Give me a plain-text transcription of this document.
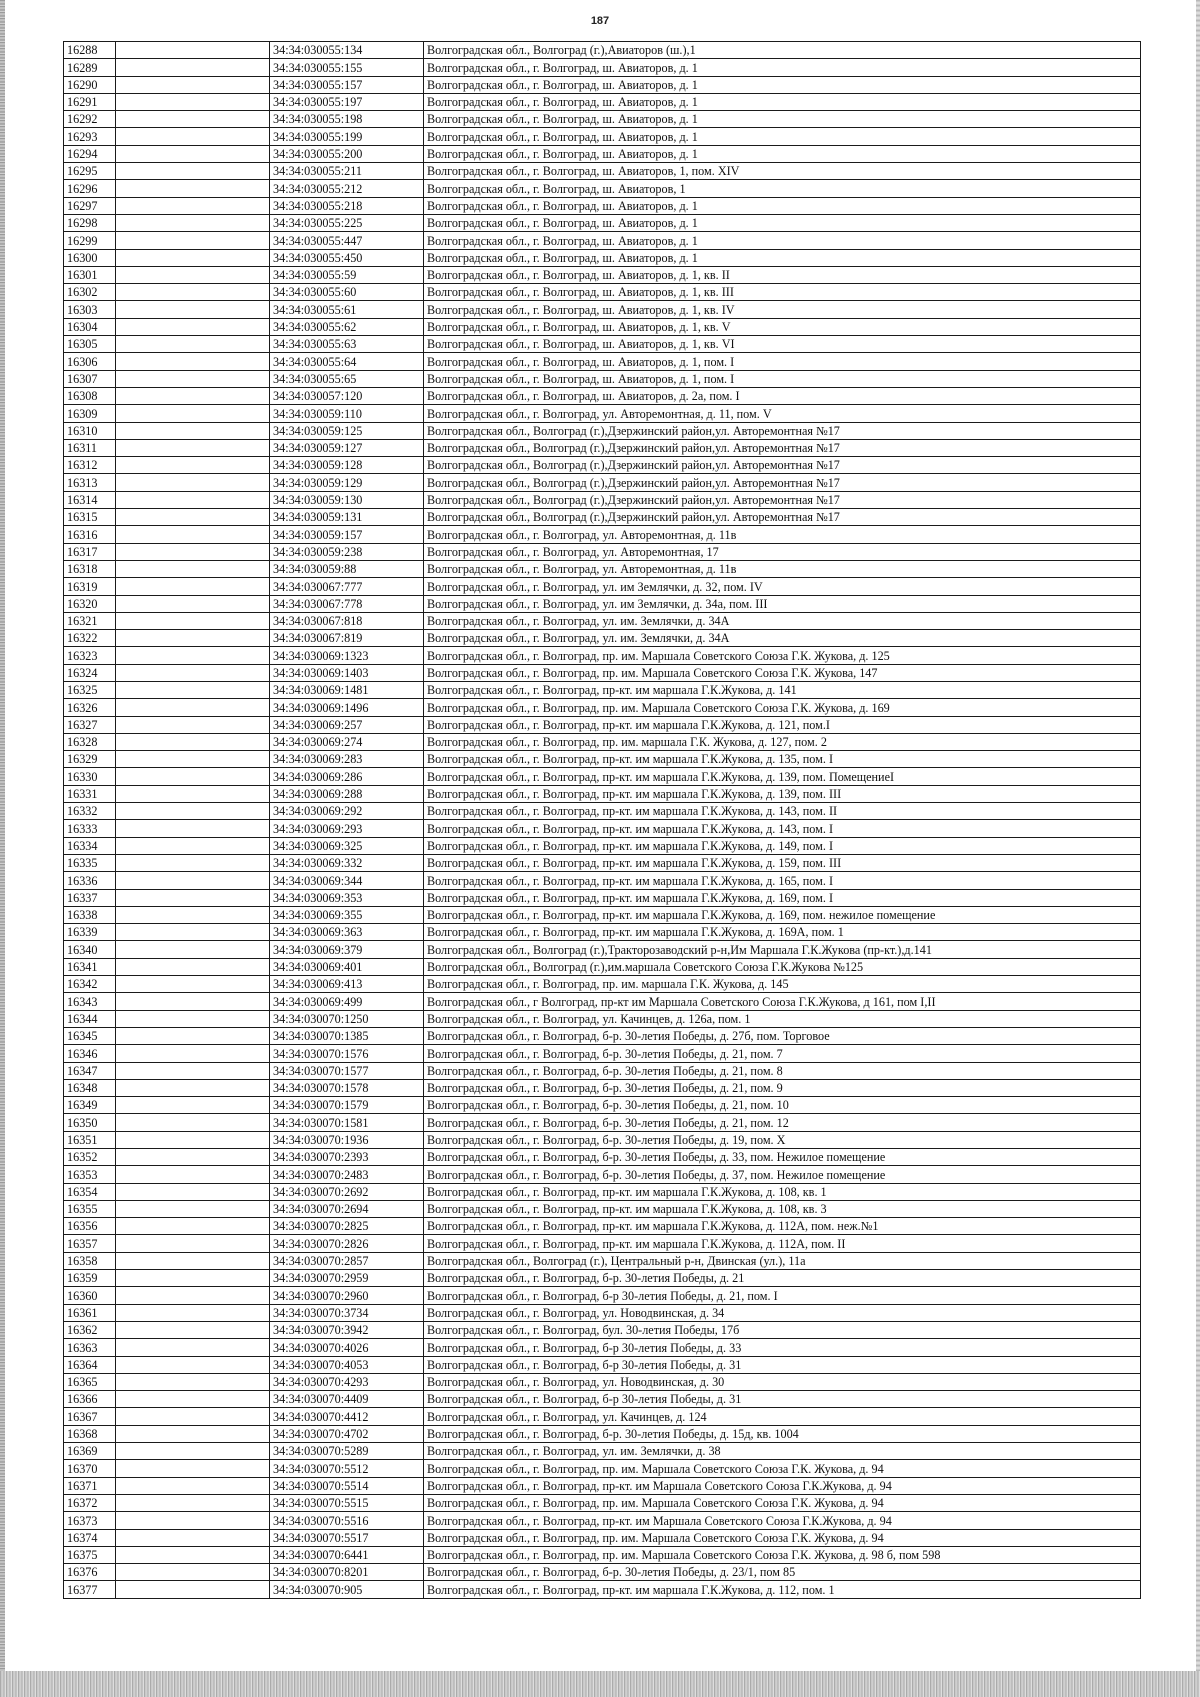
187
16288		34:34:030055:134	Волгоградская обл., Волгоград (г.),Авиаторов (ш.),1
16289		34:34:030055:155	Волгоградская обл., г. Волгоград, ш. Авиаторов, д. 1
16290		34:34:030055:157	Волгоградская обл., г. Волгоград, ш. Авиаторов, д. 1
16291		34:34:030055:197	Волгоградская обл., г. Волгоград, ш. Авиаторов, д. 1
16292		34:34:030055:198	Волгоградская обл., г. Волгоград, ш. Авиаторов, д. 1
16293		34:34:030055:199	Волгоградская обл., г. Волгоград, ш. Авиаторов, д. 1
16294		34:34:030055:200	Волгоградская обл., г. Волгоград, ш. Авиаторов, д. 1
16295		34:34:030055:211	Волгоградская обл., г. Волгоград, ш. Авиаторов, 1, пом. XIV
16296		34:34:030055:212	Волгоградская обл., г. Волгоград, ш. Авиаторов, 1
16297		34:34:030055:218	Волгоградская обл., г. Волгоград, ш. Авиаторов, д. 1
16298		34:34:030055:225	Волгоградская обл., г. Волгоград, ш. Авиаторов, д. 1
16299		34:34:030055:447	Волгоградская обл., г. Волгоград, ш. Авиаторов, д. 1
16300		34:34:030055:450	Волгоградская обл., г. Волгоград, ш. Авиаторов, д. 1
16301		34:34:030055:59	Волгоградская обл., г. Волгоград, ш. Авиаторов, д. 1, кв. II
16302		34:34:030055:60	Волгоградская обл., г. Волгоград, ш. Авиаторов, д. 1, кв. III
16303		34:34:030055:61	Волгоградская обл., г. Волгоград, ш. Авиаторов, д. 1, кв. IV
16304		34:34:030055:62	Волгоградская обл., г. Волгоград, ш. Авиаторов, д. 1, кв. V
16305		34:34:030055:63	Волгоградская обл., г. Волгоград, ш. Авиаторов, д. 1, кв. VI
16306		34:34:030055:64	Волгоградская обл., г. Волгоград, ш. Авиаторов, д. 1, пом. I
16307		34:34:030055:65	Волгоградская обл., г. Волгоград, ш. Авиаторов, д. 1, пом. I
16308		34:34:030057:120	Волгоградская обл., г. Волгоград, ш. Авиаторов, д. 2а, пом. I
16309		34:34:030059:110	Волгоградская обл., г. Волгоград, ул. Авторемонтная, д. 11, пом. V
16310		34:34:030059:125	Волгоградская обл., Волгоград (г.),Дзержинский район,ул. Авторемонтная №17
16311		34:34:030059:127	Волгоградская обл., Волгоград (г.),Дзержинский район,ул. Авторемонтная №17
16312		34:34:030059:128	Волгоградская обл., Волгоград (г.),Дзержинский район,ул. Авторемонтная №17
16313		34:34:030059:129	Волгоградская обл., Волгоград (г.),Дзержинский район,ул. Авторемонтная №17
16314		34:34:030059:130	Волгоградская обл., Волгоград (г.),Дзержинский район,ул. Авторемонтная №17
16315		34:34:030059:131	Волгоградская обл., Волгоград (г.),Дзержинский район,ул. Авторемонтная №17
16316		34:34:030059:157	Волгоградская обл., г. Волгоград, ул. Авторемонтная, д. 11в
16317		34:34:030059:238	Волгоградская обл., г. Волгоград, ул. Авторемонтная, 17
16318		34:34:030059:88	Волгоградская обл., г. Волгоград, ул. Авторемонтная, д. 11в
16319		34:34:030067:777	Волгоградская обл., г. Волгоград, ул. им Землячки, д. 32, пом. IV
16320		34:34:030067:778	Волгоградская обл., г. Волгоград, ул. им Землячки, д. 34а, пом. III
16321		34:34:030067:818	Волгоградская обл., г. Волгоград, ул. им. Землячки, д. 34А
16322		34:34:030067:819	Волгоградская обл., г. Волгоград, ул. им. Землячки, д. 34А
16323		34:34:030069:1323	Волгоградская обл., г. Волгоград, пр. им. Маршала Советского Союза Г.К. Жукова, д. 125
16324		34:34:030069:1403	Волгоградская обл., г. Волгоград, пр. им. Маршала Советского Союза Г.К. Жукова, 147
16325		34:34:030069:1481	Волгоградская обл., г. Волгоград, пр-кт. им маршала Г.К.Жукова, д. 141
16326		34:34:030069:1496	Волгоградская обл., г. Волгоград, пр. им. Маршала Советского Союза Г.К. Жукова, д. 169
16327		34:34:030069:257	Волгоградская обл., г. Волгоград, пр-кт. им маршала Г.К.Жукова, д. 121, пом.I
16328		34:34:030069:274	Волгоградская обл., г. Волгоград, пр. им. маршала Г.К. Жукова, д. 127, пом. 2
16329		34:34:030069:283	Волгоградская обл., г. Волгоград, пр-кт. им маршала Г.К.Жукова, д. 135, пом. I
16330		34:34:030069:286	Волгоградская обл., г. Волгоград, пр-кт. им маршала Г.К.Жукова, д. 139, пом. ПомещениеI
16331		34:34:030069:288	Волгоградская обл., г. Волгоград, пр-кт. им маршала Г.К.Жукова, д. 139, пом. III
16332		34:34:030069:292	Волгоградская обл., г. Волгоград, пр-кт. им маршала Г.К.Жукова, д. 143, пом. II
16333		34:34:030069:293	Волгоградская обл., г. Волгоград, пр-кт. им маршала Г.К.Жукова, д. 143, пом. I
16334		34:34:030069:325	Волгоградская обл., г. Волгоград, пр-кт. им маршала Г.К.Жукова, д. 149, пом. I
16335		34:34:030069:332	Волгоградская обл., г. Волгоград, пр-кт. им маршала Г.К.Жукова, д. 159, пом. III
16336		34:34:030069:344	Волгоградская обл., г. Волгоград, пр-кт. им маршала Г.К.Жукова, д. 165, пом. I
16337		34:34:030069:353	Волгоградская обл., г. Волгоград, пр-кт. им маршала Г.К.Жукова, д. 169, пом. I
16338		34:34:030069:355	Волгоградская обл., г. Волгоград, пр-кт. им маршала Г.К.Жукова, д. 169, пом. нежилое помещение
16339		34:34:030069:363	Волгоградская обл., г. Волгоград, пр-кт. им маршала Г.К.Жукова, д. 169А, пом. 1
16340		34:34:030069:379	Волгоградская обл., Волгоград (г.),Тракторозаводский р-н,Им Маршала Г.К.Жукова (пр-кт.),д.141
16341		34:34:030069:401	Волгоградская обл., Волгоград (г.),им.маршала Советского Союза Г.К.Жукова №125
16342		34:34:030069:413	Волгоградская обл., г. Волгоград, пр. им. маршала Г.К. Жукова, д. 145
16343		34:34:030069:499	Волгоградская обл., г Волгоград, пр-кт им Маршала Советского Союза Г.К.Жукова, д 161, пом I,II
16344		34:34:030070:1250	Волгоградская обл., г. Волгоград, ул. Качинцев, д. 126а, пом. 1
16345		34:34:030070:1385	Волгоградская обл., г. Волгоград, б-р. 30-летия Победы, д. 27б, пом. Торговое
16346		34:34:030070:1576	Волгоградская обл., г. Волгоград, б-р. 30-летия Победы, д. 21, пом. 7
16347		34:34:030070:1577	Волгоградская обл., г. Волгоград, б-р. 30-летия Победы, д. 21, пом. 8
16348		34:34:030070:1578	Волгоградская обл., г. Волгоград, б-р. 30-летия Победы, д. 21, пом. 9
16349		34:34:030070:1579	Волгоградская обл., г. Волгоград, б-р. 30-летия Победы, д. 21, пом. 10
16350		34:34:030070:1581	Волгоградская обл., г. Волгоград, б-р. 30-летия Победы, д. 21, пом. 12
16351		34:34:030070:1936	Волгоградская обл., г. Волгоград, б-р. 30-летия Победы, д. 19, пом. X
16352		34:34:030070:2393	Волгоградская обл., г. Волгоград, б-р. 30-летия Победы, д. 33, пом. Нежилое помещение
16353		34:34:030070:2483	Волгоградская обл., г. Волгоград, б-р. 30-летия Победы, д. 37, пом. Нежилое помещение
16354		34:34:030070:2692	Волгоградская обл., г. Волгоград, пр-кт. им маршала Г.К.Жукова, д. 108, кв. 1
16355		34:34:030070:2694	Волгоградская обл., г. Волгоград, пр-кт. им маршала Г.К.Жукова, д. 108, кв. 3
16356		34:34:030070:2825	Волгоградская обл., г. Волгоград, пр-кт. им маршала Г.К.Жукова, д. 112А, пом. неж.№1
16357		34:34:030070:2826	Волгоградская обл., г. Волгоград, пр-кт. им маршала Г.К.Жукова, д. 112А, пом. II
16358		34:34:030070:2857	Волгоградская обл., Волгоград (г.), Центральный р-н, Двинская (ул.), 11а
16359		34:34:030070:2959	Волгоградская обл., г. Волгоград, б-р. 30-летия Победы, д. 21
16360		34:34:030070:2960	Волгоградская обл., г. Волгоград, б-р 30-летия Победы, д. 21, пом. I
16361		34:34:030070:3734	Волгоградская обл., г. Волгоград, ул. Новодвинская, д. 34
16362		34:34:030070:3942	Волгоградская обл., г. Волгоград, бул. 30-летия Победы, 17б
16363		34:34:030070:4026	Волгоградская обл., г. Волгоград, б-р 30-летия Победы, д. 33
16364		34:34:030070:4053	Волгоградская обл., г. Волгоград, б-р 30-летия Победы, д. 31
16365		34:34:030070:4293	Волгоградская обл., г. Волгоград, ул. Новодвинская, д. 30
16366		34:34:030070:4409	Волгоградская обл., г. Волгоград, б-р 30-летия Победы, д. 31
16367		34:34:030070:4412	Волгоградская обл., г. Волгоград, ул. Качинцев, д. 124
16368		34:34:030070:4702	Волгоградская обл., г. Волгоград, б-р. 30-летия Победы, д. 15д, кв. 1004
16369		34:34:030070:5289	Волгоградская обл., г. Волгоград, ул. им. Землячки, д. 38
16370		34:34:030070:5512	Волгоградская обл., г. Волгоград, пр. им. Маршала Советского Союза Г.К. Жукова, д. 94
16371		34:34:030070:5514	Волгоградская обл., г. Волгоград, пр-кт. им Маршала Советского Союза Г.К.Жукова, д. 94
16372		34:34:030070:5515	Волгоградская обл., г. Волгоград, пр. им. Маршала Советского Союза Г.К. Жукова, д. 94
16373		34:34:030070:5516	Волгоградская обл., г. Волгоград, пр-кт. им Маршала Советского Союза Г.К.Жукова, д. 94
16374		34:34:030070:5517	Волгоградская обл., г. Волгоград, пр. им. Маршала Советского Союза Г.К. Жукова, д. 94
16375		34:34:030070:6441	Волгоградская обл., г. Волгоград, пр. им. Маршала Советского Союза Г.К. Жукова, д. 98 б, пом 598
16376		34:34:030070:8201	Волгоградская обл., г. Волгоград, б-р. 30-летия Победы, д. 23/1, пом 85
16377		34:34:030070:905	Волгоградская обл., г. Волгоград, пр-кт. им маршала Г.К.Жукова, д. 112, пом. 1
